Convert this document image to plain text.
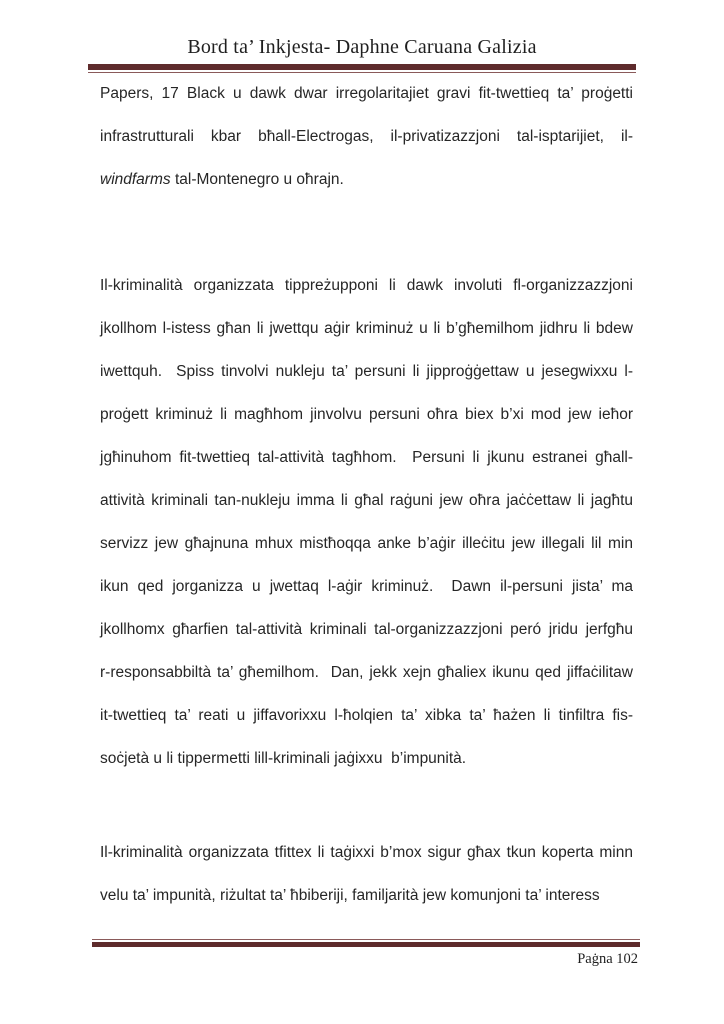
Bord ta’ Inkjesta- Daphne Caruana Galizia
Papers, 17 Black u dawk dwar irregolaritajiet gravi fit-twettieq ta’ proġetti
infrastrutturali kbar bħall-Electrogas, il-privatizazzjoni tal-isptarijiet, il-
windfarms tal-Montenegro u oħrajn.
Il-kriminalità organizzata tippreżupponi li dawk involuti fl-organizzazzjoni
jkollhom l-istess għan li jwettqu aġir kriminuż u li b’għemilhom jidhru li bdew
iwettquh.  Spiss tinvolvi nukleju ta’ persuni li jipproġġettaw u jesegwixxu l-
proġett kriminuż li magħhom jinvolvu persuni oħra biex b’xi mod jew ieħor
jgħinuhom fit-twettieq tal-attività tagħhom.  Persuni li jkunu estranei għall-
attività kriminali tan-nukleju imma li għal raġuni jew oħra jaċċettaw li jagħtu
servizz jew għajnuna mhux mistħoqqa anke b’aġir illeċitu jew illegali lil min
ikun qed jorganizza u jwettaq l-aġir kriminuż.  Dawn il-persuni jista’ ma
jkollhomx għarfien tal-attività kriminali tal-organizzazzjoni peró jridu jerfgħu
r-responsabbiltà ta’ għemilhom.  Dan, jekk xejn għaliex ikunu qed jiffaċilitaw
it-twettieq ta’ reati u jiffavorixxu l-ħolqien ta’ xibka ta’ ħażen li tinfiltra fis-
soċjetà u li tippermetti lill-kriminali jaġixxu  b’impunità.
Il-kriminalità organizzata tfittex li taġixxi b’mox sigur għax tkun koperta minn
velu ta’ impunità, riżultat ta’ ħbiberiji, familjarità jew komunjoni ta’ interess
Paġna 102
